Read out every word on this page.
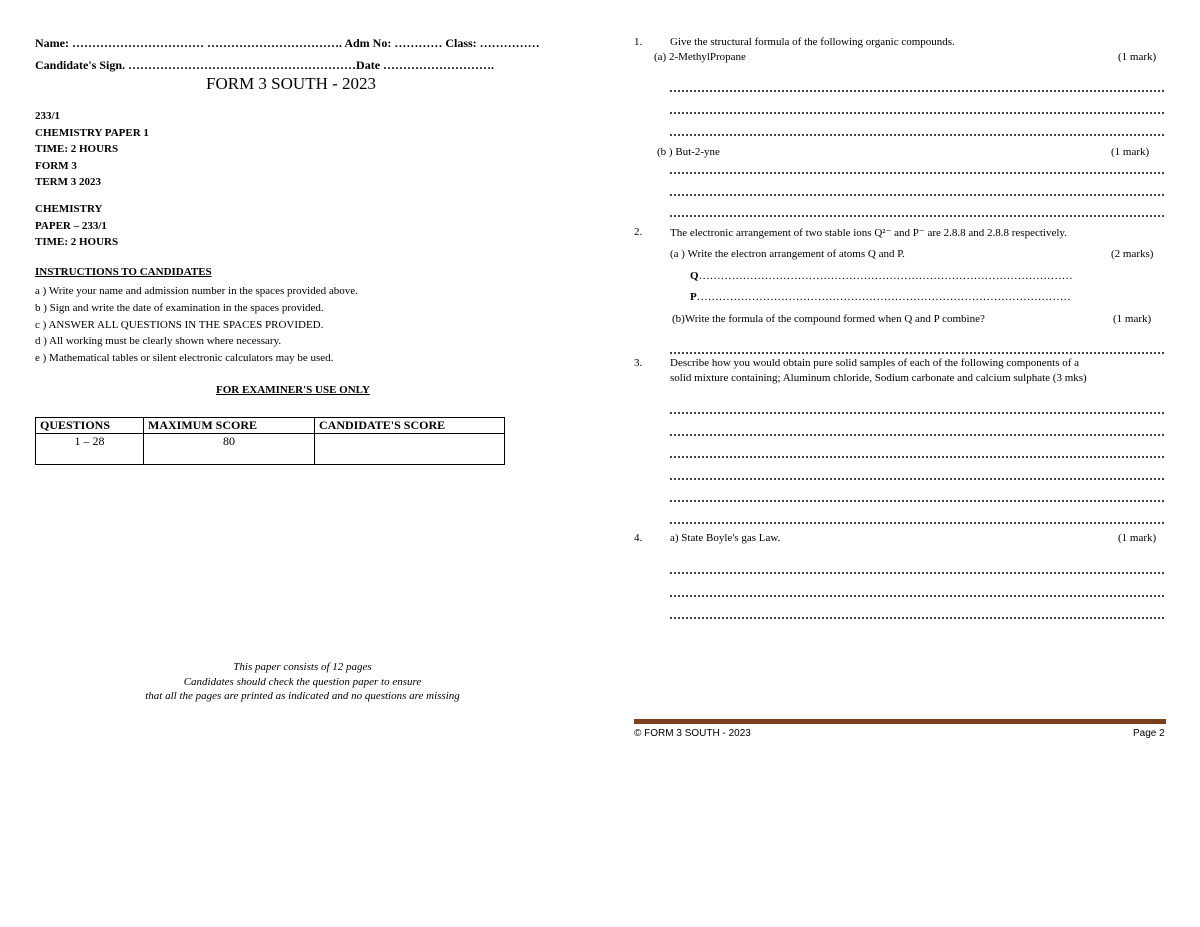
Name: …………………………… ……………………………. Adm No: ………… Class: ……………
Candidate's Sign. …………………………………………………Date ……………………….
FORM 3 SOUTH - 2023
233/1
CHEMISTRY PAPER 1
TIME: 2 HOURS
FORM 3
TERM 3 2023
CHEMISTRY
PAPER – 233/1
TIME: 2 HOURS
INSTRUCTIONS TO CANDIDATES
a ) Write your name and admission number in the spaces provided above.
b ) Sign and write the date of examination in the spaces provided.
c ) ANSWER ALL QUESTIONS IN THE SPACES PROVIDED.
d ) All working must be clearly shown where necessary.
e ) Mathematical tables or silent electronic calculators may be used.
FOR EXAMINER'S USE ONLY
QUESTIONS	MAXIMUM SCORE	CANDIDATE'S SCORE
1 – 28	80	
This paper consists of 12 pages
Candidates should check the question paper to ensure
that all the pages are printed as indicated and no questions are missing
1.	Give the structural formula of the following organic compounds.
(a) 2-MethylPropane	(1 mark)
(b ) But-2-yne	(1 mark)
2.	The electronic arrangement of two stable ions Q²⁻ and P⁻ are 2.8.8 and 2.8.8 respectively.
(a ) Write the electron arrangement of atoms Q and P.	(2 marks)
Q…………………………………………………………………………………………
P…………………………………………………………………………………………
(b)Write the formula of the compound formed when Q and P combine?	(1 mark)
3.	Describe how you would obtain pure solid samples of each of the following components of a
solid mixture containing; Aluminum chloride, Sodium carbonate and calcium sulphate (3 mks)
4.	a) State Boyle's gas Law.	(1 mark)
© FORM 3 SOUTH - 2023	Page 2
